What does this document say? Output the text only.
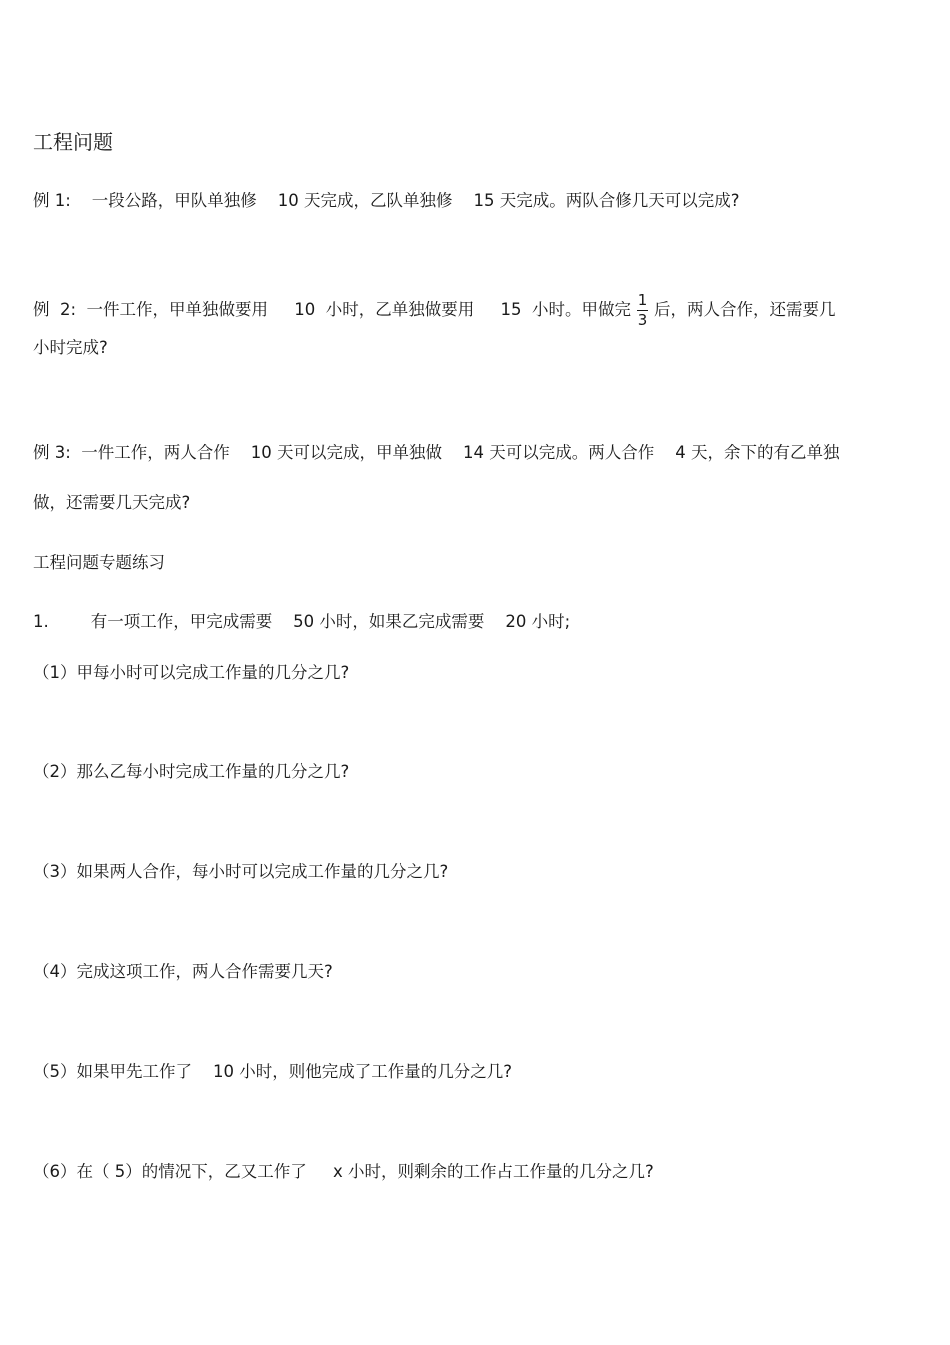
工程问题

例 1:    一段公路，甲队单独修    10 天完成，乙队单独修    15 天完成。两队合修几天可以完成?

例  2:  一件工作，甲单独做要用     10  小时，乙单独做要用     15  小时。甲做完 $\frac{1}{3}$ 后，两人合作，还需要几

小时完成?

例 3:  一件工作，两人合作    10 天可以完成，甲单独做    14 天可以完成。两人合作    4 天，余下的有乙单独

做，还需要几天完成?

工程问题专题练习

1.        有一项工作，甲完成需要    50 小时，如果乙完成需要    20 小时;

（1）甲每小时可以完成工作量的几分之几?

（2）那么乙每小时完成工作量的几分之几?

（3）如果两人合作，每小时可以完成工作量的几分之几?

（4）完成这项工作，两人合作需要几天?

（5）如果甲先工作了    10 小时，则他完成了工作量的几分之几?

（6）在（ 5）的情况下，乙又工作了     x 小时，则剩余的工作占工作量的几分之几?
